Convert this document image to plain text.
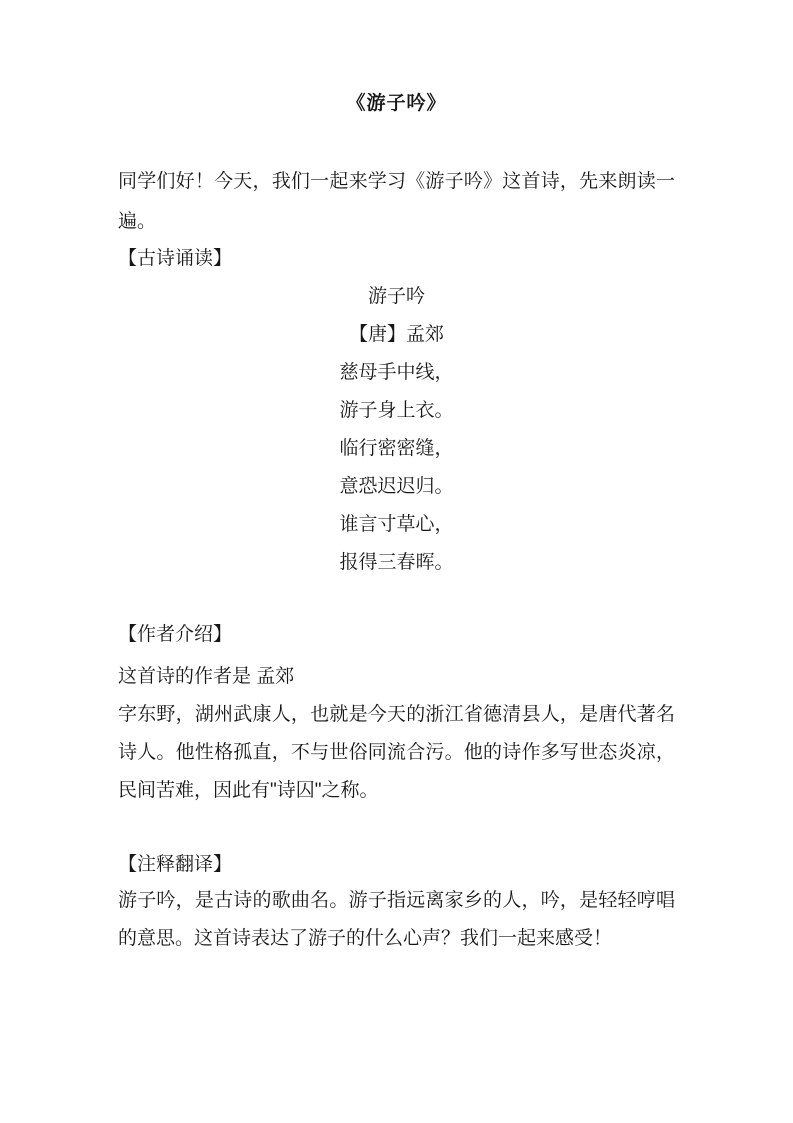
《游子吟》
同学们好！今天，我们一起来学习《游子吟》这首诗，先来朗读一遍。
【古诗诵读】
游子吟
【唐】孟郊
慈母手中线，
游子身上衣。
临行密密缝，
意恐迟迟归。
谁言寸草心，
报得三春晖。
【作者介绍】
这首诗的作者是 孟郊
字东野，湖州武康人，也就是今天的浙江省德清县人，是唐代著名诗人。他性格孤直，不与世俗同流合污。他的诗作多写世态炎凉，民间苦难，因此有"诗囚"之称。
【注释翻译】
游子吟，是古诗的歌曲名。游子指远离家乡的人，吟，是轻轻哼唱的意思。这首诗表达了游子的什么心声？我们一起来感受！
